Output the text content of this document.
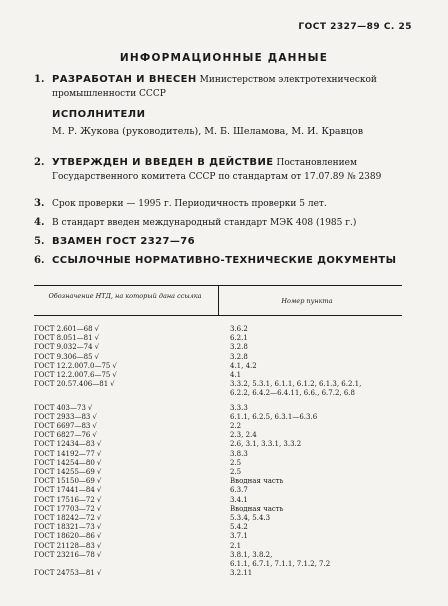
ГОСТ 2327—89 С. 25
ИНФОРМАЦИОННЫЕ ДАННЫЕ
1. РАЗРАБОТАН И ВНЕСЕН Министерством электротехнической промышленности СССР
ИСПОЛНИТЕЛИ
М. Р. Жукова (руководитель), М. Б. Шеламова, М. И. Кравцов
2. УТВЕРЖДЕН И ВВЕДЕН В ДЕЙСТВИЕ Постановлением Государственного комитета СССР по стандартам от 17.07.89 № 2389
3. Срок проверки — 1995 г. Периодичность проверки 5 лет.
4. В стандарт введен международный стандарт МЭК 408 (1985 г.)
5. ВЗАМЕН ГОСТ 2327—76
6. ССЫЛОЧНЫЕ НОРМАТИВНО-ТЕХНИЧЕСКИЕ ДОКУМЕНТЫ
Обозначение НТД, на который дана ссылка
Номер пункта
ГОСТ 2.601—68 √	3.6.2
ГОСТ 8.051—81 √	6.2.1
ГОСТ 9.032—74 √	3.2.8
ГОСТ 9.306—85 √	3.2.8
ГОСТ 12.2.007.0—75 √	4.1, 4.2
ГОСТ 12.2.007.6—75 √	4.1
ГОСТ 20.57.406—81 √	3.3.2, 5.3.1, 6.1.1, 6.1.2, 6.1.3, 6.2.1,
6.2.2, 6.4.2—6.4.11, 6.6., 6.7.2, 6.8
ГОСТ 403—73 √	3.3.3
ГОСТ 2933—83 √	6.1.1, 6.2.5, 6.3.1—6.3.6
ГОСТ 6697—83 √	2.2
ГОСТ 6827—76 √	2.3, 2.4
ГОСТ 12434—83 √	2.6, 3.1, 3.3.1, 3.3.2
ГОСТ 14192—77 √	3.8.3
ГОСТ 14254—80 √	2.5
ГОСТ 14255—69 √	2.5
ГОСТ 15150—69 √	Вводная часть
ГОСТ 17441—84 √	6.3.7
ГОСТ 17516—72 √	3.4.1
ГОСТ 17703—72 √	Вводная часть
ГОСТ 18242—72 √	5.3.4, 5.4.3
ГОСТ 18321—73 √	5.4.2
ГОСТ 18620—86 √	3.7.1
ГОСТ 21128—83 √	2.1
ГОСТ 23216—78 √	3.8.1, 3.8.2,
6.1.1, 6.7.1, 7.1.1, 7.1.2, 7.2
ГОСТ 24753—81 √	3.2.11
